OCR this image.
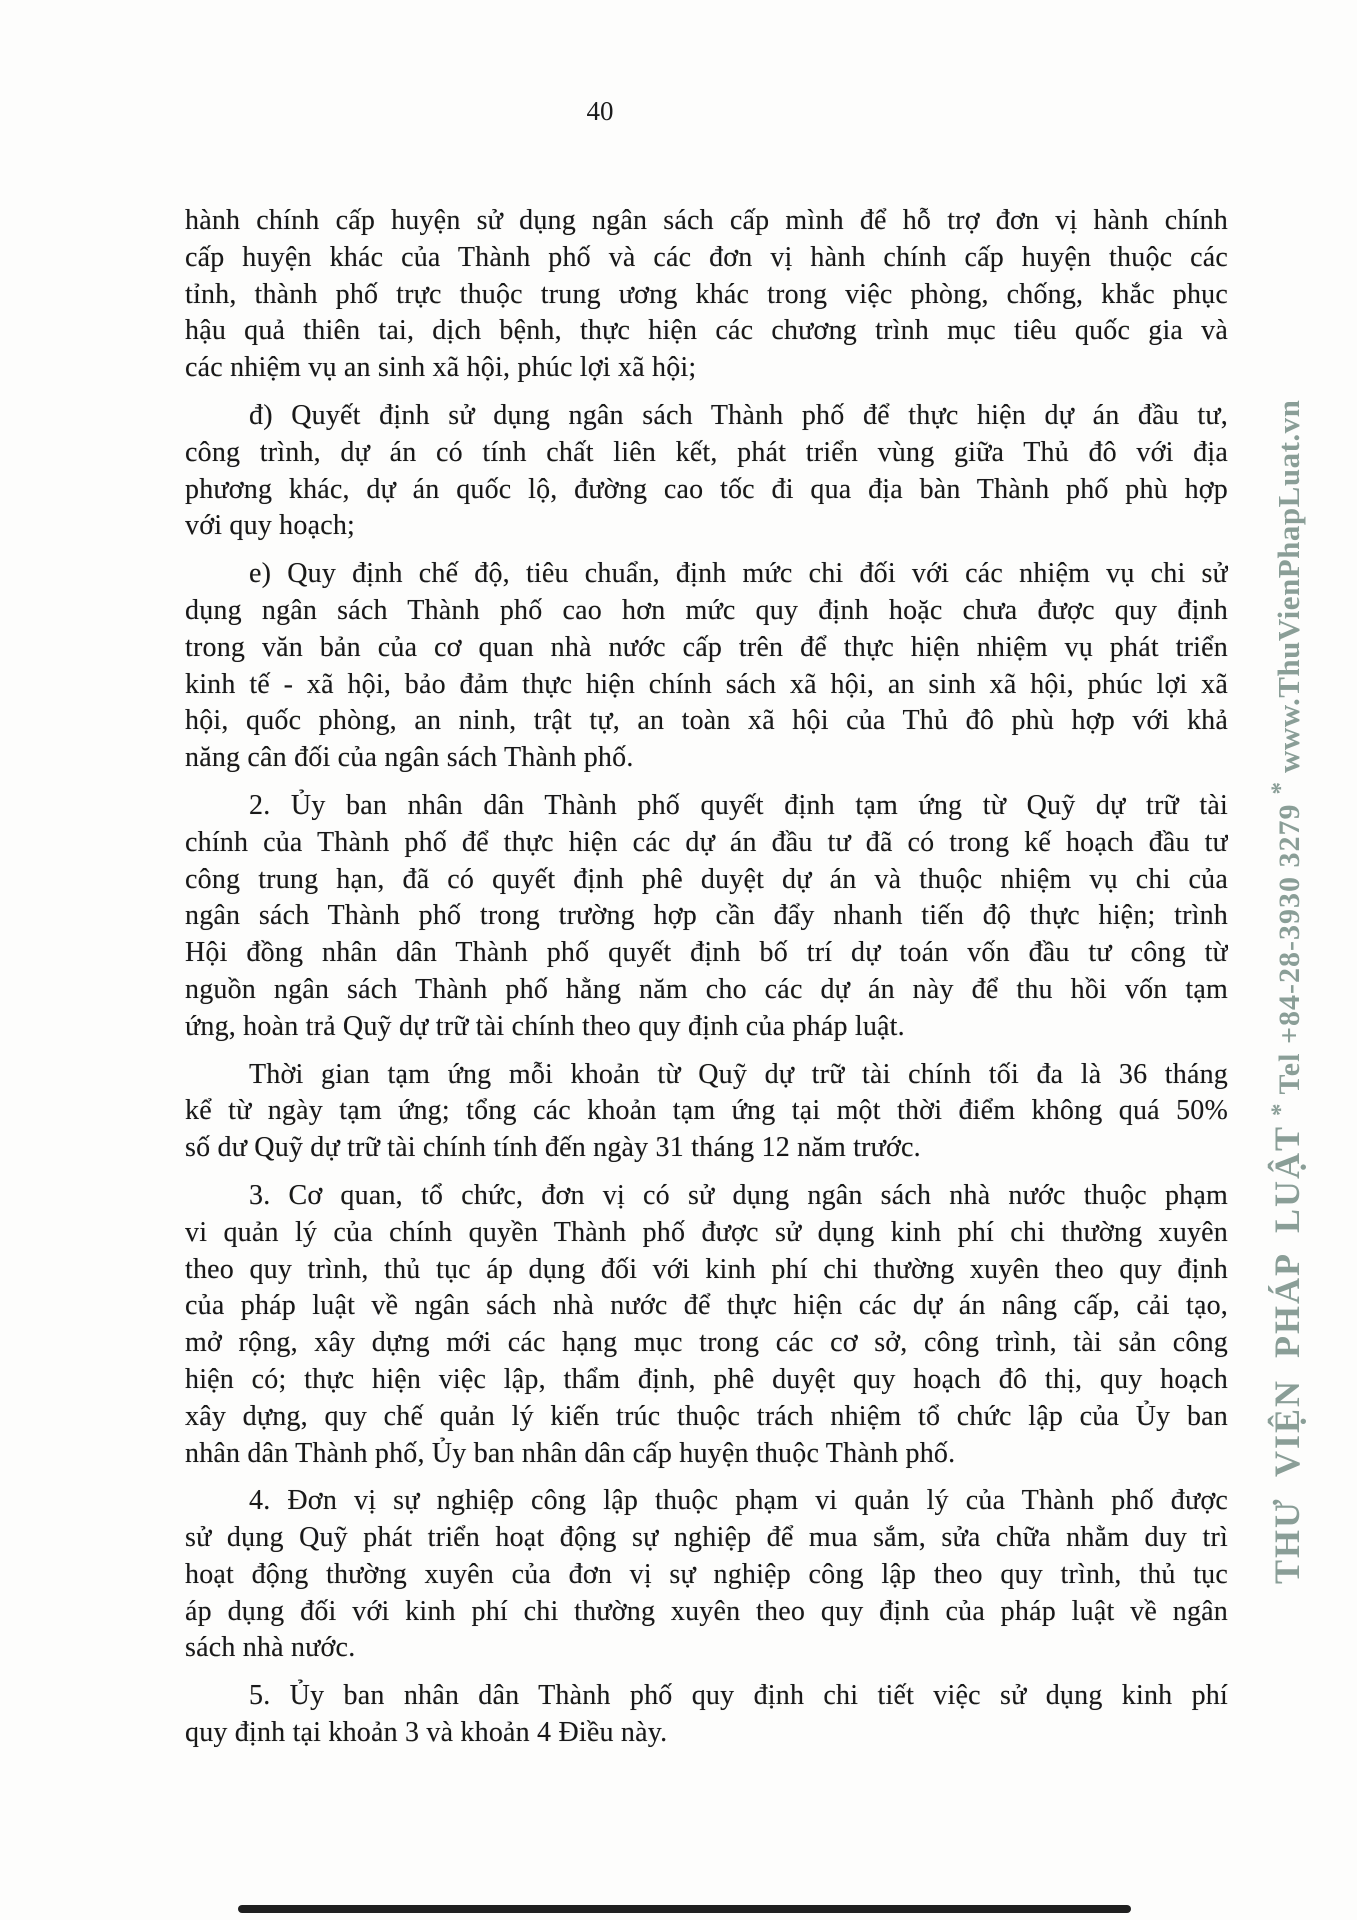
40
hành chính cấp huyện sử dụng ngân sách cấp mình để hỗ trợ đơn vị hành chính
cấp huyện khác của Thành phố và các đơn vị hành chính cấp huyện thuộc các
tỉnh, thành phố trực thuộc trung ương khác trong việc phòng, chống, khắc phục
hậu quả thiên tai, dịch bệnh, thực hiện các chương trình mục tiêu quốc gia và
các nhiệm vụ an sinh xã hội, phúc lợi xã hội;
đ) Quyết định sử dụng ngân sách Thành phố để thực hiện dự án đầu tư,
công trình, dự án có tính chất liên kết, phát triển vùng giữa Thủ đô với địa
phương khác, dự án quốc lộ, đường cao tốc đi qua địa bàn Thành phố phù hợp
với quy hoạch;
e) Quy định chế độ, tiêu chuẩn, định mức chi đối với các nhiệm vụ chi sử
dụng ngân sách Thành phố cao hơn mức quy định hoặc chưa được quy định
trong văn bản của cơ quan nhà nước cấp trên để thực hiện nhiệm vụ phát triển
kinh tế - xã hội, bảo đảm thực hiện chính sách xã hội, an sinh xã hội, phúc lợi xã
hội, quốc phòng, an ninh, trật tự, an toàn xã hội của Thủ đô phù hợp với khả
năng cân đối của ngân sách Thành phố.
2. Ủy ban nhân dân Thành phố quyết định tạm ứng từ Quỹ dự trữ tài
chính của Thành phố để thực hiện các dự án đầu tư đã có trong kế hoạch đầu tư
công trung hạn, đã có quyết định phê duyệt dự án và thuộc nhiệm vụ chi của
ngân sách Thành phố trong trường hợp cần đẩy nhanh tiến độ thực hiện; trình
Hội đồng nhân dân Thành phố quyết định bố trí dự toán vốn đầu tư công từ
nguồn ngân sách Thành phố hằng năm cho các dự án này để thu hồi vốn tạm
ứng, hoàn trả Quỹ dự trữ tài chính theo quy định của pháp luật.
Thời gian tạm ứng mỗi khoản từ Quỹ dự trữ tài chính tối đa là 36 tháng
kể từ ngày tạm ứng; tổng các khoản tạm ứng tại một thời điểm không quá 50%
số dư Quỹ dự trữ tài chính tính đến ngày 31 tháng 12 năm trước.
3. Cơ quan, tổ chức, đơn vị có sử dụng ngân sách nhà nước thuộc phạm
vi quản lý của chính quyền Thành phố được sử dụng kinh phí chi thường xuyên
theo quy trình, thủ tục áp dụng đối với kinh phí chi thường xuyên theo quy định
của pháp luật về ngân sách nhà nước để thực hiện các dự án nâng cấp, cải tạo,
mở rộng, xây dựng mới các hạng mục trong các cơ sở, công trình, tài sản công
hiện có; thực hiện việc lập, thẩm định, phê duyệt quy hoạch đô thị, quy hoạch
xây dựng, quy chế quản lý kiến trúc thuộc trách nhiệm tổ chức lập của Ủy ban
nhân dân Thành phố, Ủy ban nhân dân cấp huyện thuộc Thành phố.
4. Đơn vị sự nghiệp công lập thuộc phạm vi quản lý của Thành phố được
sử dụng Quỹ phát triển hoạt động sự nghiệp để mua sắm, sửa chữa nhằm duy trì
hoạt động thường xuyên của đơn vị sự nghiệp công lập theo quy trình, thủ tục
áp dụng đối với kinh phí chi thường xuyên theo quy định của pháp luật về ngân
sách nhà nước.
5. Ủy ban nhân dân Thành phố quy định chi tiết việc sử dụng kinh phí
quy định tại khoản 3 và khoản 4 Điều này.
THƯ VIỆN PHÁP LUẬT*Tel +84-28-3930 3279*www.ThuVienPhapLuat.vn
